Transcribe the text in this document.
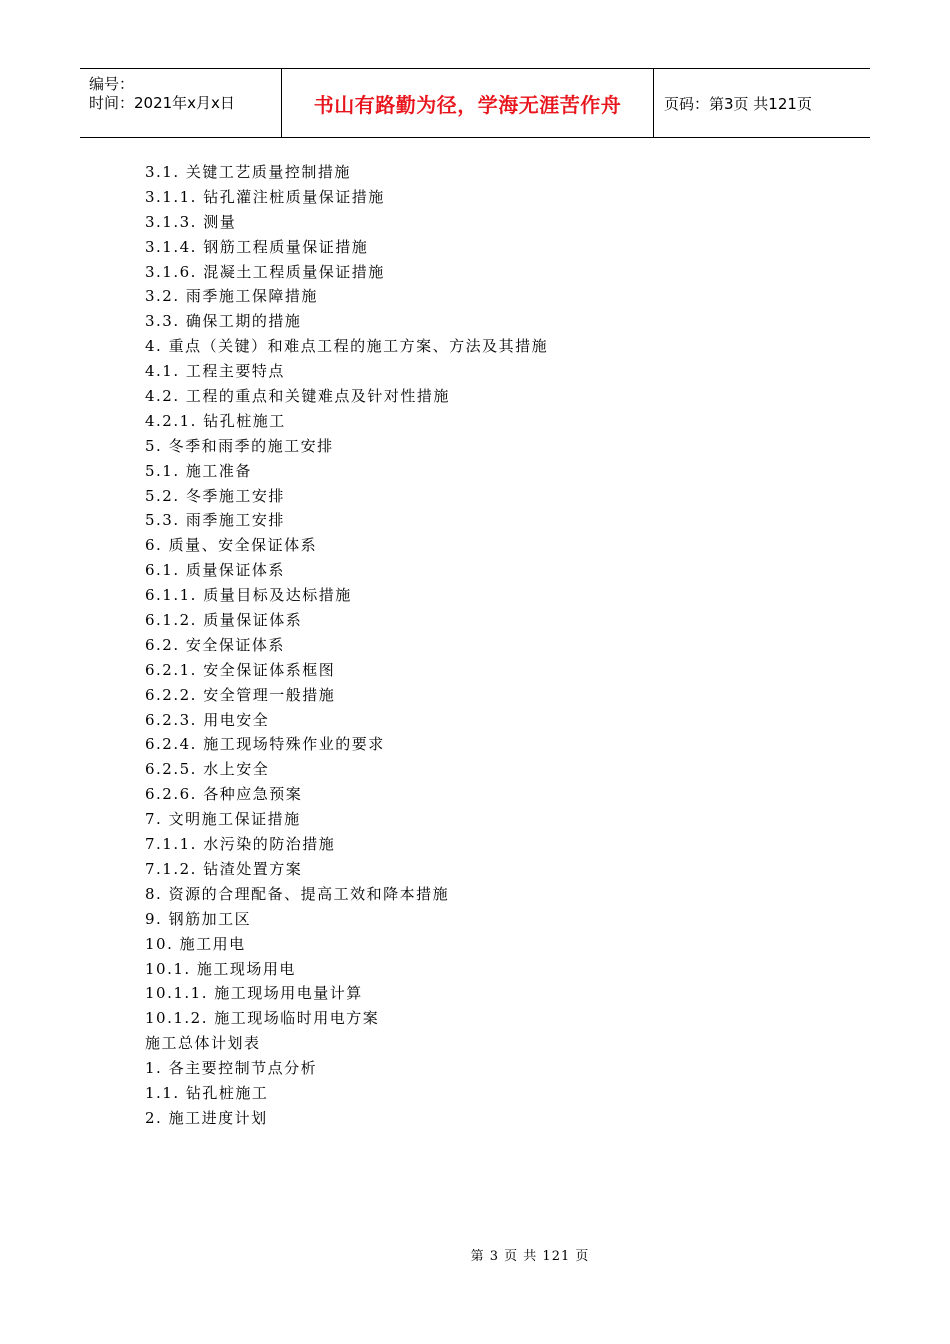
编号：
时间：2021年x月x日	书山有路勤为径，学海无涯苦作舟	页码：第3页 共121页
3.1. 关键工艺质量控制措施
3.1.1. 钻孔灌注桩质量保证措施
3.1.3. 测量
3.1.4. 钢筋工程质量保证措施
3.1.6. 混凝土工程质量保证措施
3.2. 雨季施工保障措施
3.3. 确保工期的措施
4. 重点（关键）和难点工程的施工方案、方法及其措施
4.1. 工程主要特点
4.2. 工程的重点和关键难点及针对性措施
4.2.1. 钻孔桩施工
5. 冬季和雨季的施工安排
5.1. 施工准备
5.2. 冬季施工安排
5.3. 雨季施工安排
6. 质量、安全保证体系
6.1. 质量保证体系
6.1.1. 质量目标及达标措施
6.1.2. 质量保证体系
6.2. 安全保证体系
6.2.1. 安全保证体系框图
6.2.2. 安全管理一般措施
6.2.3. 用电安全
6.2.4. 施工现场特殊作业的要求
6.2.5. 水上安全
6.2.6. 各种应急预案
7. 文明施工保证措施
7.1.1. 水污染的防治措施
7.1.2. 钻渣处置方案
8. 资源的合理配备、提高工效和降本措施
9. 钢筋加工区
10. 施工用电
10.1. 施工现场用电
10.1.1. 施工现场用电量计算
10.1.2. 施工现场临时用电方案
施工总体计划表
1. 各主要控制节点分析
1.1. 钻孔桩施工
2. 施工进度计划
第 3 页 共 121 页
